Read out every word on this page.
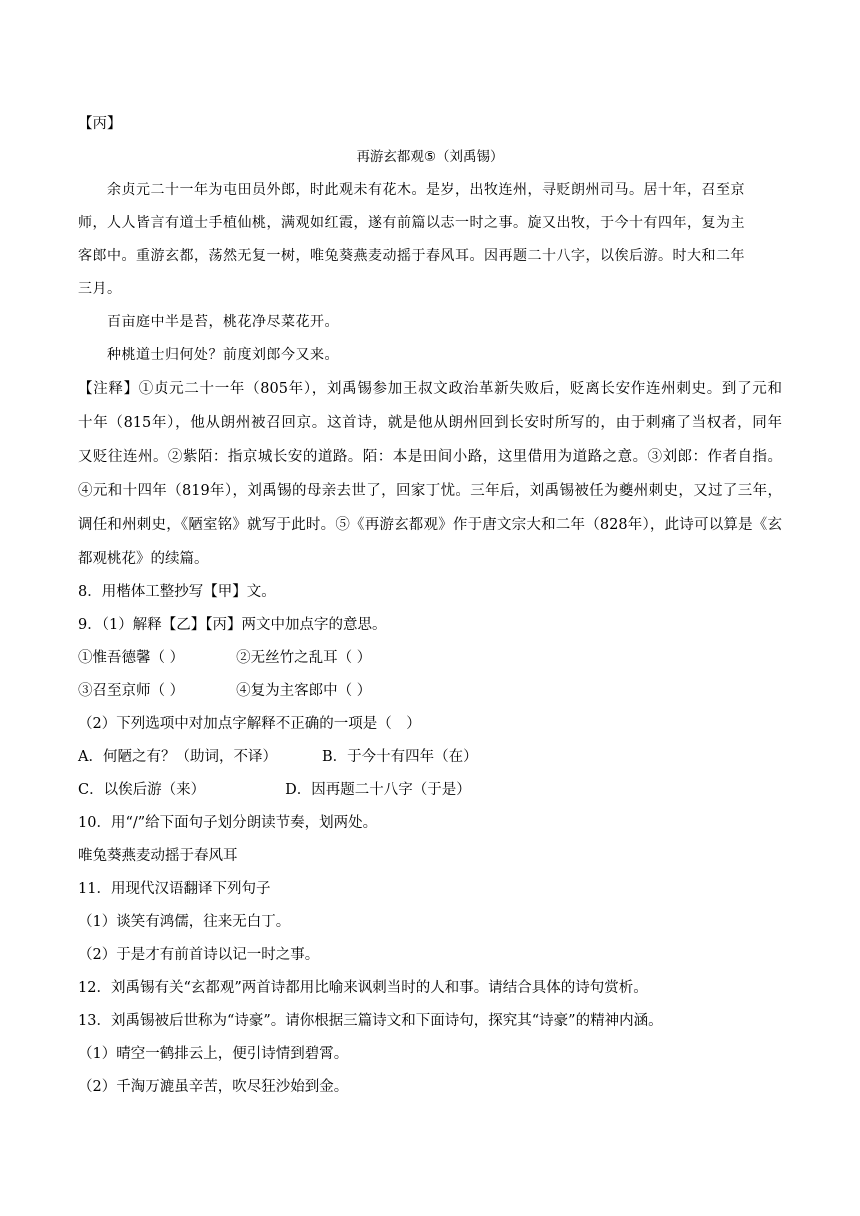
【丙】
再游玄都观⑤（刘禹锡）
余贞元二十一年为屯田员外郎，时此观未有花木。是岁，出牧连州，寻贬朗州司马。居十年，召至京
师，人人皆言有道士手植仙桃，满观如红霞，遂有前篇以志一时之事。旋又出牧，于今十有四年，复为主
客郎中。重游玄都，荡然无复一树，唯兔葵燕麦动摇于春风耳。因再题二十八字，以俟后游。时大和二年
三月。
百亩庭中半是苔，桃花净尽菜花开。
种桃道士归何处？前度刘郎今又来。
【注释】①贞元二十一年（805年），刘禹锡参加王叔文政治革新失败后，贬离长安作连州刺史。到了元和
十年（815年），他从朗州被召回京。这首诗，就是他从朗州回到长安时所写的，由于刺痛了当权者，同年
又贬往连州。②紫陌：指京城长安的道路。陌：本是田间小路，这里借用为道路之意。③刘郎：作者自指。
④元和十四年（819年），刘禹锡的母亲去世了，回家丁忧。三年后，刘禹锡被任为夔州刺史，又过了三年，
调任和州刺史，《陋室铭》就写于此时。⑤《再游玄都观》作于唐文宗大和二年（828年），此诗可以算是《玄
都观桃花》的续篇。
8．用楷体工整抄写【甲】文。
9．（1）解释【乙】【丙】两文中加点字的意思。
①惟吾德馨（ ）	②无丝竹之乱耳（ ）
③召至京师（ ）	④复为主客郎中（ ）
（2）下列选项中对加点字解释不正确的一项是（　）
A．何陋之有？（助词，不译）	B．于今十有四年（在）
C．以俟后游（来）	D．因再题二十八字（于是）
10．用“/”给下面句子划分朗读节奏，划两处。
唯兔葵燕麦动摇于春风耳
11．用现代汉语翻译下列句子
（1）谈笑有鸿儒，往来无白丁。
（2）于是才有前首诗以记一时之事。
12．刘禹锡有关“玄都观”两首诗都用比喻来讽刺当时的人和事。请结合具体的诗句赏析。
13．刘禹锡被后世称为“诗豪”。请你根据三篇诗文和下面诗句，探究其“诗豪”的精神内涵。
（1）晴空一鹤排云上，便引诗情到碧霄。
（2）千淘万漉虽辛苦，吹尽狂沙始到金。
